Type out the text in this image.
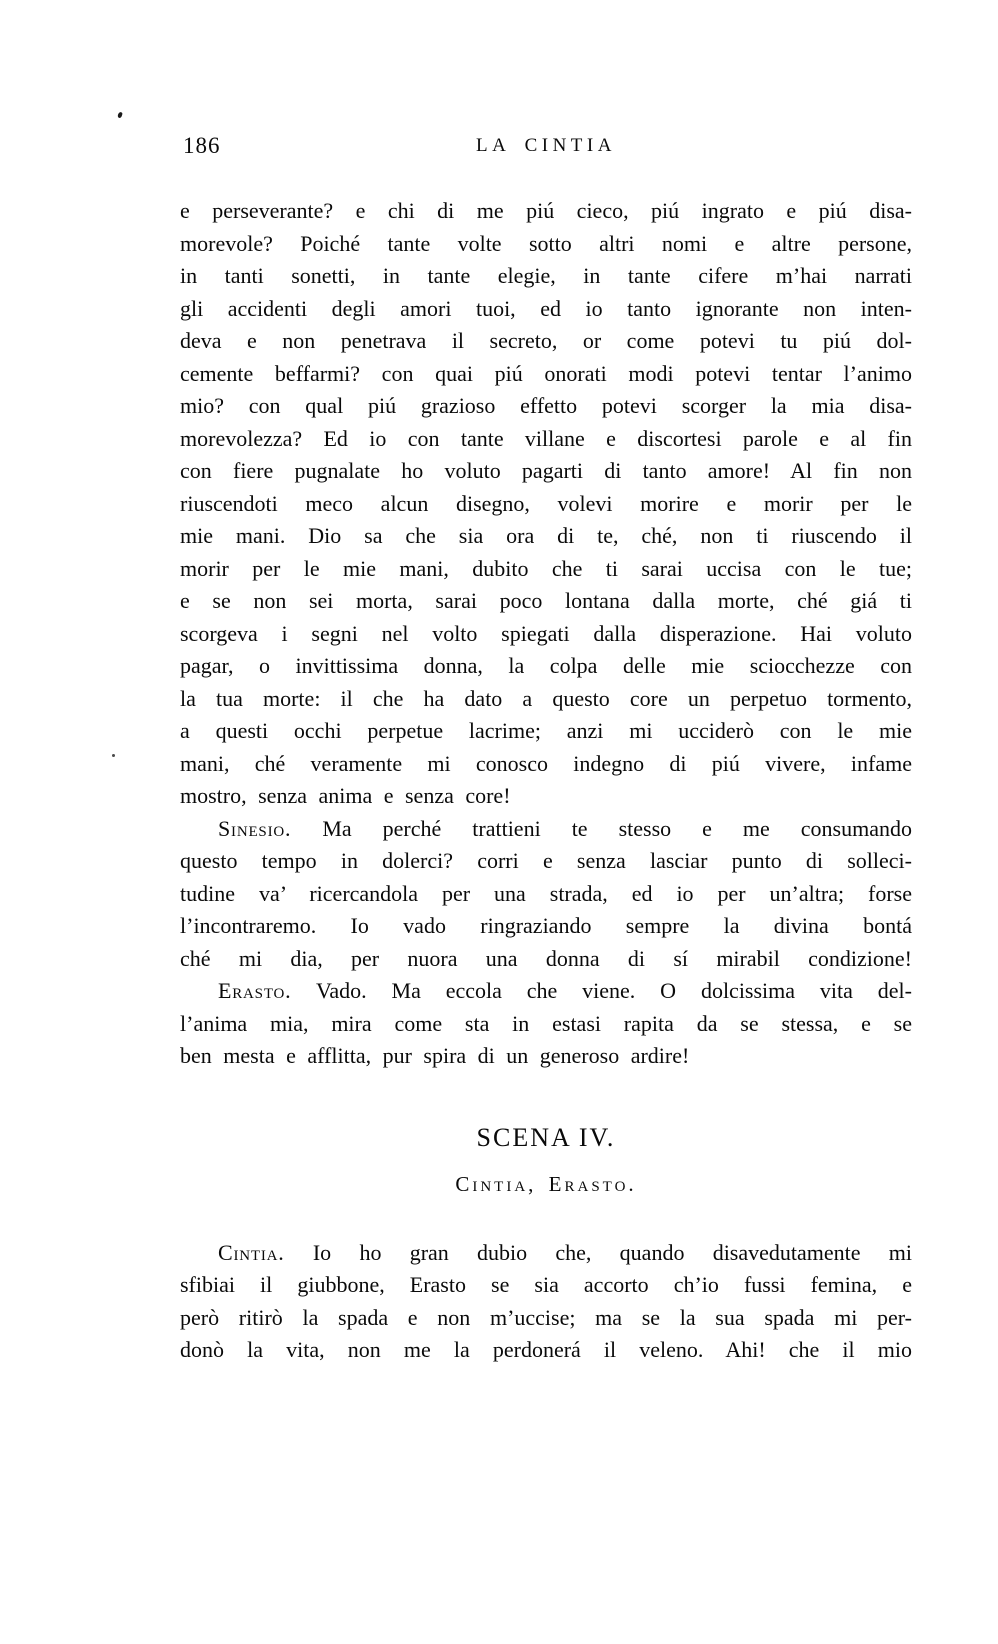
186	LA CINTIA
e perseverante? e chi di me piú cieco, piú ingrato e piú disa-
morevole? Poiché tante volte sotto altri nomi e altre persone,
in tanti sonetti, in tante elegie, in tante cifere m’hai narrati
gli accidenti degli amori tuoi, ed io tanto ignorante non inten-
deva e non penetrava il secreto, or come potevi tu piú dol-
cemente beffarmi? con quai piú onorati modi potevi tentar l’animo
mio? con qual piú grazioso effetto potevi scorger la mia disa-
morevolezza? Ed io con tante villane e discortesi parole e al fin
con fiere pugnalate ho voluto pagarti di tanto amore! Al fin non
riuscendoti meco alcun disegno, volevi morire e morir per le
mie mani. Dio sa che sia ora di te, ché, non ti riuscendo il
morir per le mie mani, dubito che ti sarai uccisa con le tue;
e se non sei morta, sarai poco lontana dalla morte, ché giá ti
scorgeva i segni nel volto spiegati dalla disperazione. Hai voluto
pagar, o invittissima donna, la colpa delle mie sciocchezze con
la tua morte: il che ha dato a questo core un perpetuo tormento,
a questi occhi perpetue lacrime; anzi mi ucciderò con le mie
mani, ché veramente mi conosco indegno di piú vivere, infame
mostro, senza anima e senza core!
Sinesio. Ma perché trattieni te stesso e me consumando
questo tempo in dolerci? corri e senza lasciar punto di solleci-
tudine va’ ricercandola per una strada, ed io per un’altra; forse
l’incontraremo. Io vado ringraziando sempre la divina bontá
ché mi dia, per nuora una donna di sí mirabil condizione!
Erasto. Vado. Ma eccola che viene. O dolcissima vita del-
l’anima mia, mira come sta in estasi rapita da se stessa, e se
ben mesta e afflitta, pur spira di un generoso ardire!
SCENA IV.
Cintia, Erasto.
Cintia. Io ho gran dubio che, quando disavedutamente mi
sfibiai il giubbone, Erasto se sia accorto ch’io fussi femina, e
però ritirò la spada e non m’uccise; ma se la sua spada mi per-
donò la vita, non me la perdonerá il veleno. Ahi! che il mio
